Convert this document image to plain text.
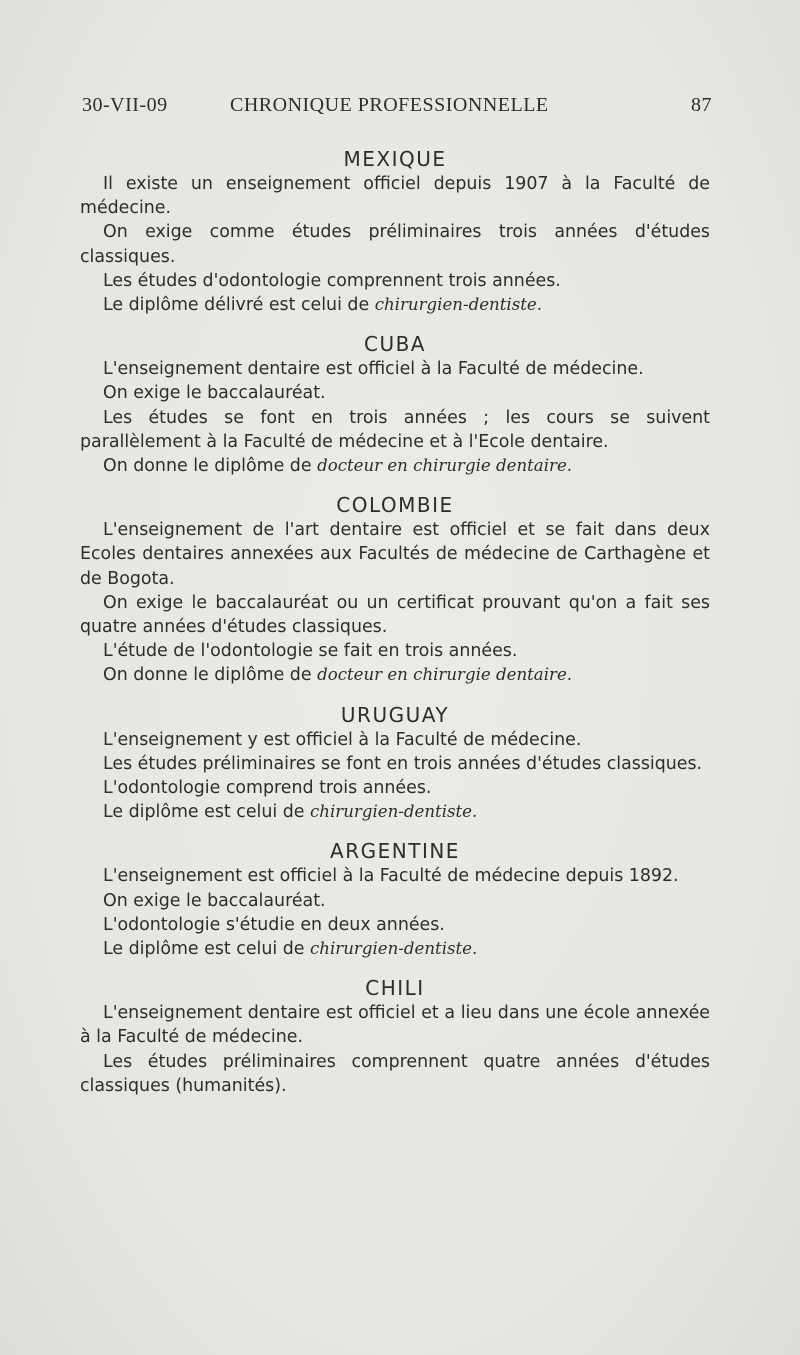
30-VII-09	CHRONIQUE PROFESSIONNELLE	87
MEXIQUE

Il existe un enseignement officiel depuis 1907 à la Faculté de médecine.

On exige comme études préliminaires trois années d'études classiques.

Les études d'odontologie comprennent trois années.

Le diplôme délivré est celui de chirurgien-dentiste.

CUBA

L'enseignement dentaire est officiel à la Faculté de médecine.

On exige le baccalauréat.

Les études se font en trois années ; les cours se suivent parallèlement à la Faculté de médecine et à l'Ecole dentaire.

On donne le diplôme de docteur en chirurgie dentaire.

COLOMBIE

L'enseignement de l'art dentaire est officiel et se fait dans deux Ecoles dentaires annexées aux Facultés de médecine de Carthagène et de Bogota.

On exige le baccalauréat ou un certificat prouvant qu'on a fait ses quatre années d'études classiques.

L'étude de l'odontologie se fait en trois années.

On donne le diplôme de docteur en chirurgie dentaire.

URUGUAY

L'enseignement y est officiel à la Faculté de médecine.

Les études préliminaires se font en trois années d'études classiques.

L'odontologie comprend trois années.

Le diplôme est celui de chirurgien-dentiste.

ARGENTINE

L'enseignement est officiel à la Faculté de médecine depuis 1892.

On exige le baccalauréat.

L'odontologie s'étudie en deux années.

Le diplôme est celui de chirurgien-dentiste.

CHILI

L'enseignement dentaire est officiel et a lieu dans une école annexée à la Faculté de médecine.

Les études préliminaires comprennent quatre années d'études classiques (humanités).
